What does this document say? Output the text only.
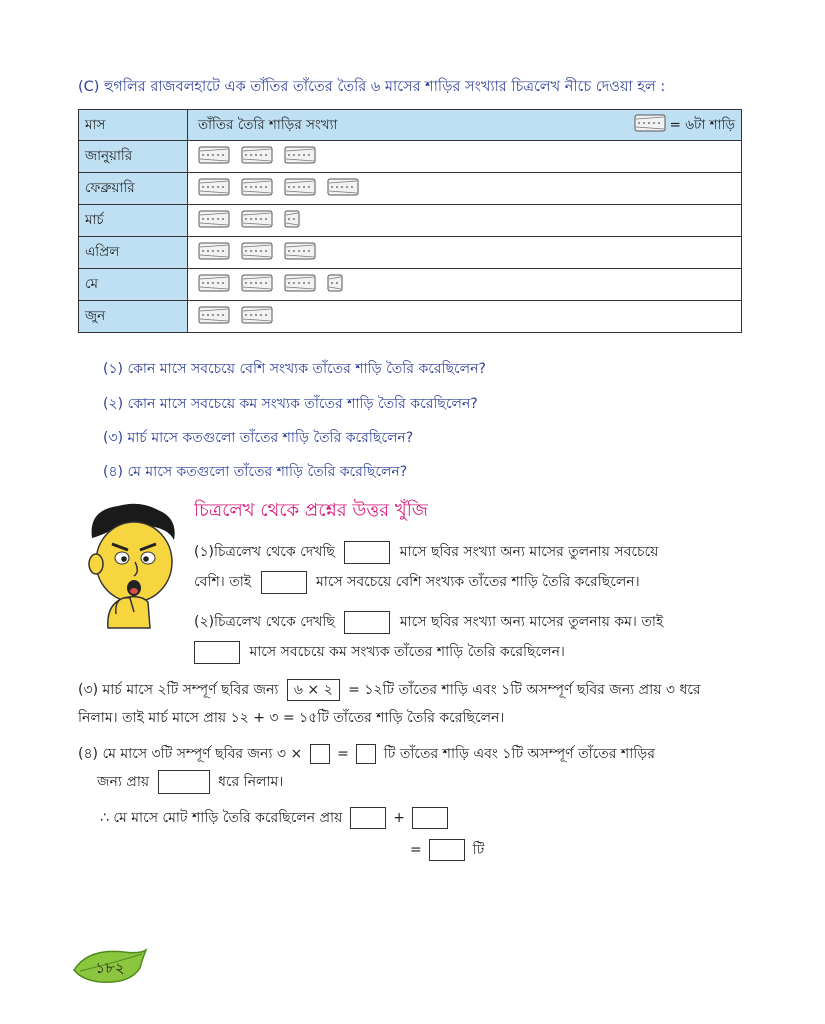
(C) হুগলির রাজবলহাটে এক তাঁতির তাঁতের তৈরি ৬ মাসের শাড়ির সংখ্যার চিত্রলেখ নীচে দেওয়া হল :
মাস	তাঁতির তৈরি শাড়ির সংখ্যা = ৬টা শাড়ি

জানুয়ারি	

ফেব্রুয়ারি	

মার্চ	

এপ্রিল	

মে	

জুন	
(১) কোন মাসে সবচেয়ে বেশি সংখ্যক তাঁতের শাড়ি তৈরি করেছিলেন?
(২) কোন মাসে সবচেয়ে কম সংখ্যক তাঁতের শাড়ি তৈরি করেছিলেন?
(৩) মার্চ মাসে কতগুলো তাঁতের শাড়ি তৈরি করেছিলেন?
(৪) মে মাসে কতগুলো তাঁতের শাড়ি তৈরি করেছিলেন?
চিত্রলেখ থেকে প্রশ্নের উত্তর খুঁজি
(১)চিত্রলেখ থেকে দেখছি	মাসে ছবির সংখ্যা অন্য মাসের তুলনায় সবচেয়ে
বেশি। তাই	মাসে সবচেয়ে বেশি সংখ্যক তাঁতের শাড়ি তৈরি করেছিলেন।
(২)চিত্রলেখ থেকে দেখছি	মাসে ছবির সংখ্যা অন্য মাসের তুলনায় কম। তাই
মাসে সবচেয়ে কম সংখ্যক তাঁতের শাড়ি তৈরি করেছিলেন।
(৩) মার্চ মাসে ২টি সম্পূর্ণ ছবির জন্য ৬ × ২ = ১২টি তাঁতের শাড়ি এবং ১টি অসম্পূর্ণ ছবির জন্য প্রায় ৩ ধরে
নিলাম। তাই মার্চ মাসে প্রায় ১২ + ৩ = ১৫টি তাঁতের শাড়ি তৈরি করেছিলেন।
(৪) মে মাসে ৩টি সম্পূর্ণ ছবির জন্য ৩ × = টি তাঁতের শাড়ি এবং ১টি অসম্পূর্ণ তাঁতের শাড়ির
জন্য প্রায়	ধরে নিলাম।
∴ মে মাসে মোট শাড়ি তৈরি করেছিলেন প্রায়	+
=	টি
১৮২
